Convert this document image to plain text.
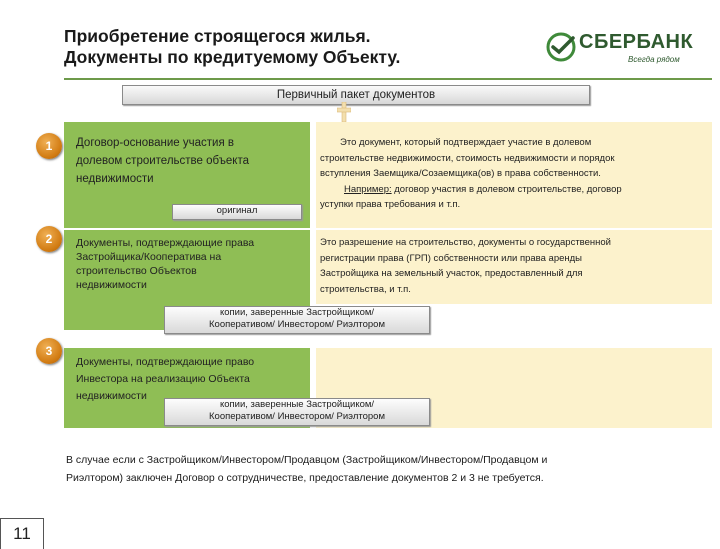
Приобретение строящегося жилья.
Документы по кредитуемому Объекту.
СБЕРБАНК
Всегда рядом
Первичный пакет документов
1	Договор-основание участия в
долевом строительстве объекта
недвижимости
оригинал
Это документ, который подтверждает участие в долевом
строительстве недвижимости, стоимость недвижимости и порядок
вступления Заемщика/Созаемщика(ов) в права собственности.
Например: договор участия в долевом строительстве, договор
уступки права требования и т.п.
2	Документы, подтверждающие права
Застройщика/Кооператива на
строительство Объектов
недвижимости
Это разрешение на строительство, документы о государственной
регистрации права (ГРП) собственности или права аренды
Застройщика на земельный участок, предоставленный для
строительства, и т.п.
копии, заверенные Застройщиком/
Кооперативом/ Инвестором/ Риэлтором
3
Документы, подтверждающие право
Инвестора на реализацию Объекта
недвижимости
копии, заверенные Застройщиком/
Кооперативом/ Инвестором/ Риэлтором
В случае если с Застройщиком/Инвестором/Продавцом (Застройщиком/Инвестором/Продавцом и
Риэлтором) заключен Договор о сотрудничестве, предоставление документов 2 и 3 не требуется.
11
